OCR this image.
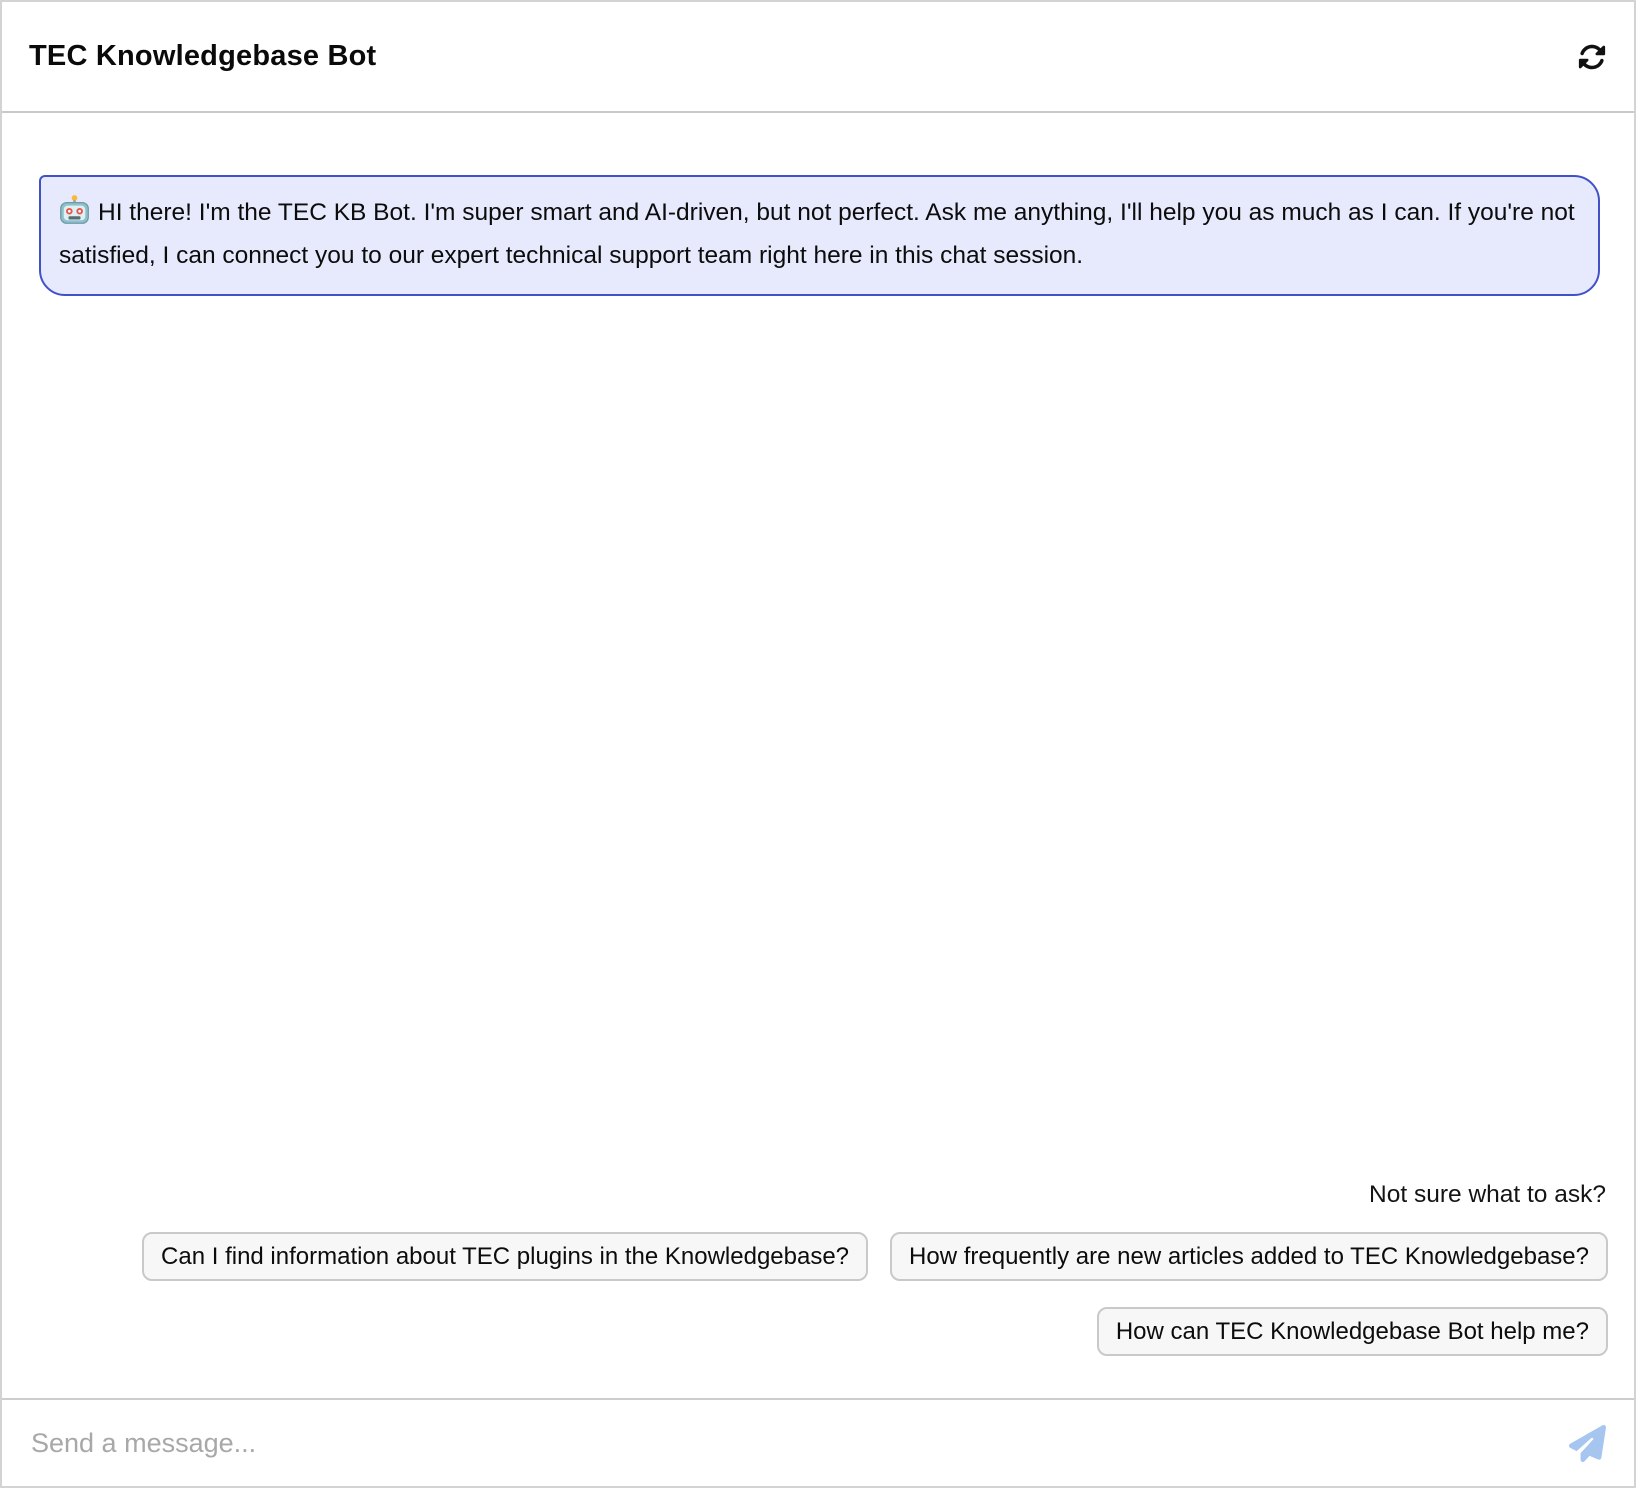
TEC Knowledgebase Bot
HI there! I'm the TEC KB Bot. I'm super smart and AI-driven, but not perfect. Ask me anything, I'll help you as much as I can. If you're not satisfied, I can connect you to our expert technical support team right here in this chat session.
Not sure what to ask?
Can I find information about TEC plugins in the Knowledgebase?	How frequently are new articles added to TEC Knowledgebase?
How can TEC Knowledgebase Bot help me?
Send a message...
